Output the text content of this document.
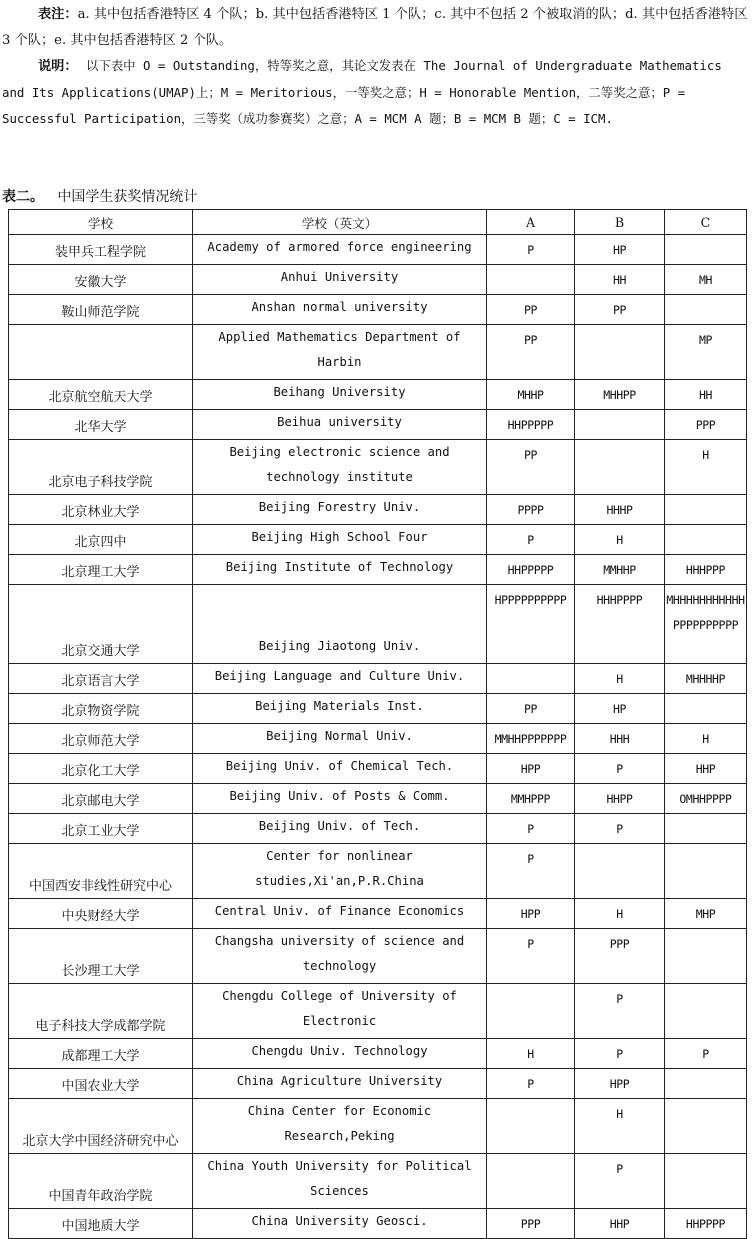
表注：a. 其中包括香港特区 4 个队；b. 其中包括香港特区 1 个队；c. 其中不包括 2 个被取消的队；d. 其中包括香港特区 3 个队；e. 其中包括香港特区 2 个队。

说明： 以下表中 O = Outstanding，特等奖之意，其论文发表在 The Journal of Undergraduate Mathematics and Its Applications(UMAP)上；M = Meritorious，一等奖之意；H = Honorable Mention，二等奖之意；P = Successful Participation，三等奖（成功参赛奖）之意；A = MCM A 题；B = MCM B 题；C = ICM.

表二。 中国学生获奖情况统计
学校	学校（英文）	A	B	C
装甲兵工程学院	Academy of armored force engineering	P	HP	
安徽大学	Anhui University		HH	MH
鞍山师范学院	Anshan normal university	PP	PP	
	Applied Mathematics Department of Harbin	PP		MP
北京航空航天大学	Beihang University	MHHP	MHHPP	HH
北华大学	Beihua university	HHPPPPP		PPP
北京电子科技学院	Beijing electronic science and technology institute	PP		H
北京林业大学	Beijing Forestry Univ.	PPPP	HHHP	
北京四中	Beijing High School Four	P	H	
北京理工大学	Beijing Institute of Technology	HHPPPPP	MMHHP	HHHPPP
北京交通大学	Beijing Jiaotong Univ.	HPPPPPPPPPP	HHHPPPP	MHHHHHHHHHHHPPPPPPPPPP
北京语言大学	Beijing Language and Culture Univ.		H	MHHHHP
北京物资学院	Beijing Materials Inst.	PP	HP	
北京师范大学	Beijing Normal Univ.	MMHHPPPPPPP	HHH	H
北京化工大学	Beijing Univ. of Chemical Tech.	HPP	P	HHP
北京邮电大学	Beijing Univ. of Posts & Comm.	MMHPPP	HHPP	OMHHPPPP
北京工业大学	Beijing Univ. of Tech.	P	P	
中国西安非线性研究中心	Center for nonlinear studies,Xi'an,P.R.China	P		
中央财经大学	Central Univ. of Finance Economics	HPP	H	MHP
长沙理工大学	Changsha university of science and technology	P	PPP	
电子科技大学成都学院	Chengdu College of University of Electronic		P	
成都理工大学	Chengdu Univ. Technology	H	P	P
中国农业大学	China Agriculture University	P	HPP	
北京大学中国经济研究中心	China Center for Economic Research,Peking		H	
中国青年政治学院	China Youth University for Political Sciences		P	
中国地质大学	China University Geosci.	PPP	HHP	HHPPPP
